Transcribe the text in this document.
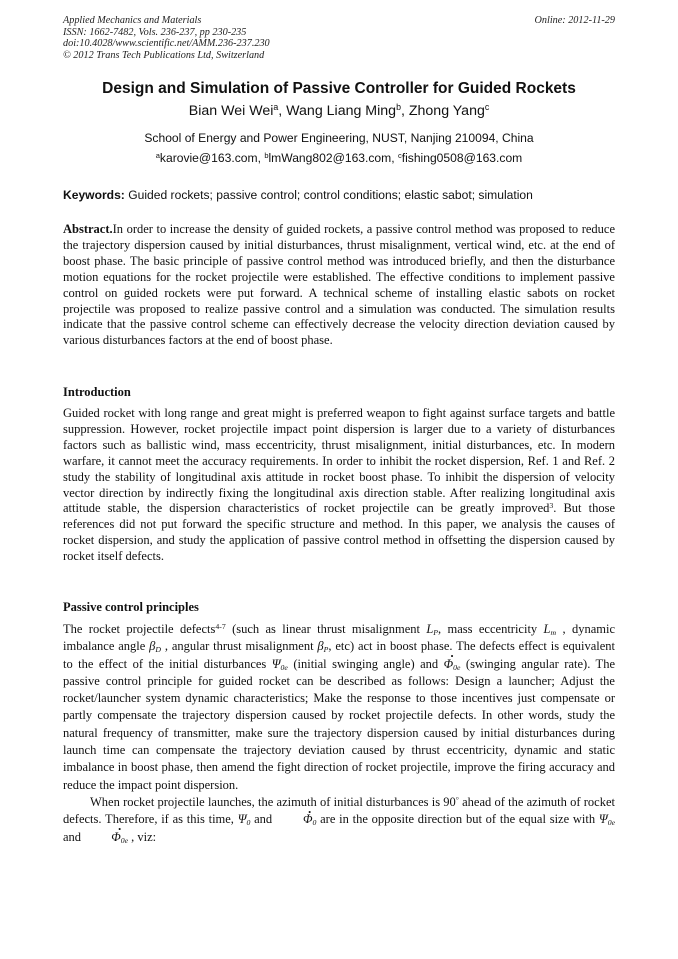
Applied Mechanics and Materials
ISSN: 1662-7482, Vols. 236-237, pp 230-235
doi:10.4028/www.scientific.net/AMM.236-237.230
© 2012 Trans Tech Publications Ltd, Switzerland
Online: 2012-11-29
Design and Simulation of Passive Controller for Guided Rockets
Bian Wei Wei$^a$, Wang Liang Ming$^b$, Zhong Yang$^c$
School of Energy and Power Engineering, NUST, Nanjing 210094, China
$^a$karovie@163.com, $^b$lmWang802@163.com, $^c$fishing0508@163.com
Keywords: Guided rockets; passive control; control conditions; elastic sabot; simulation
Abstract.In order to increase the density of guided rockets, a passive control method was proposed to reduce the trajectory dispersion caused by initial disturbances, thrust misalignment, vertical wind, etc. at the end of boost phase. The basic principle of passive control method was introduced briefly, and then the disturbance motion equations for the rocket projectile were established. The effective conditions to implement passive control on guided rockets were put forward. A technical scheme of installing elastic sabots on rocket projectile was proposed to realize passive control and a simulation was conducted. The simulation results indicate that the passive control scheme can effectively decrease the velocity direction deviation caused by various disturbances factors at the end of boost phase.
Introduction
Guided rocket with long range and great might is preferred weapon to fight against surface targets and battle suppression. However, rocket projectile impact point dispersion is larger due to a variety of disturbances factors such as ballistic wind, mass eccentricity, thrust misalignment, initial disturbances, etc. In modern warfare, it cannot meet the accuracy requirements. In order to inhibit the rocket dispersion, Ref. 1 and Ref. 2 study the stability of longitudinal axis attitude in rocket boost phase. To inhibit the dispersion of velocity vector direction by indirectly fixing the longitudinal axis direction stable. After realizing longitudinal axis attitude stable, the dispersion characteristics of rocket projectile can be greatly improved$^3$. But those references did not put forward the specific structure and method. In this paper, we analysis the causes of rocket dispersion, and study the application of passive control method in offsetting the dispersion caused by rocket itself defects.
Passive control principles

The rocket projectile defects$^{4-7}$ (such as linear thrust misalignment $L_P$, mass eccentricity $L_m$ , dynamic imbalance angle $\beta_D$ , angular thrust misalignment $\beta_P$, etc) act in boost phase. The defects effect is equivalent to the effect of the initial disturbances $\Psi_{0e}$ (initial swinging angle) and • $\Phi_{0e}$ (swinging angular rate). The passive control principle for guided rocket can be described as follows: Design a launcher; Adjust the rocket/launcher system dynamic characteristics; Make the response to those incentives just compensate or partly compensate the trajectory dispersion caused by rocket projectile defects. In other words, study the natural frequency of transmitter, make sure the trajectory dispersion caused by initial disturbances during launch time can compensate the trajectory deviation caused by thrust eccentricity, dynamic and static imbalance in boost phase, then amend the fight direction of rocket projectile, improve the firing accuracy and reduce the impact point dispersion.

When rocket projectile launches, the azimuth of initial disturbances is 90° ahead of the azimuth of rocket defects. Therefore, if as this time, $\Psi_0$ and • $\Phi_0$ are in the opposite direction but of the equal size with $\Psi_{0e}$ and • $\Phi_{0e}$ , viz:
